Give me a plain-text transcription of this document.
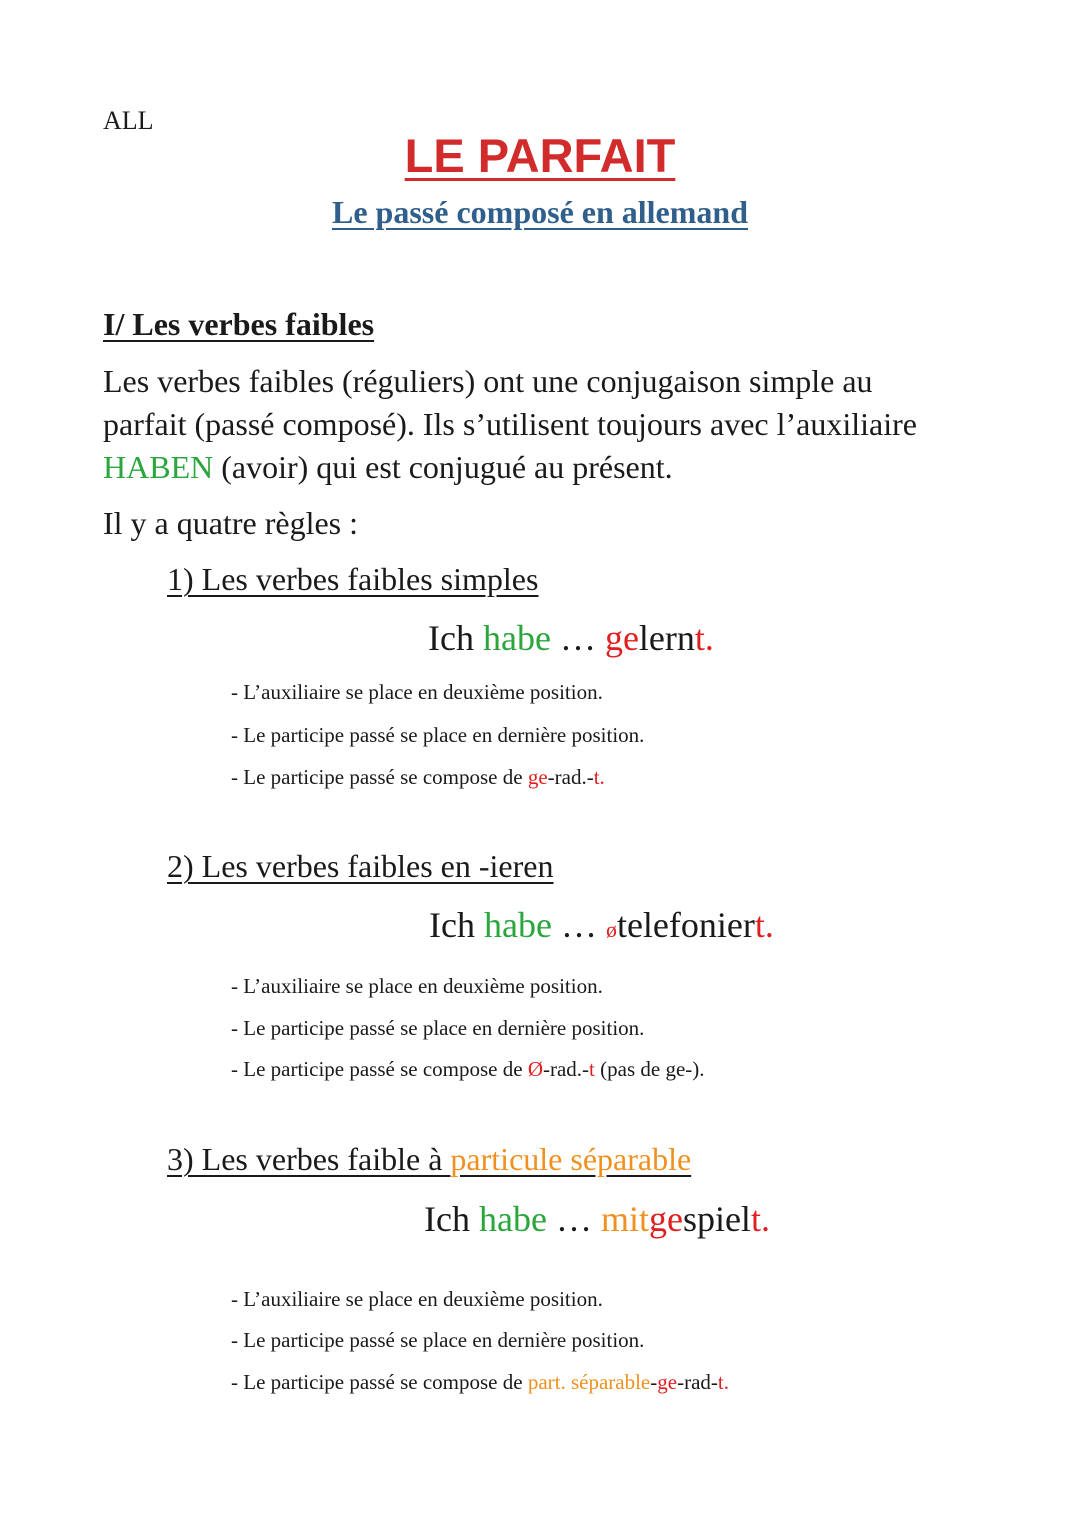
ALL
LE PARFAIT
Le passé composé en allemand
I/ Les verbes faibles
Les verbes faibles (réguliers) ont une conjugaison simple au
parfait (passé composé). Ils s’utilisent toujours avec l’auxiliaire
HABEN (avoir) qui est conjugué au présent.
Il y a quatre règles :
1) Les verbes faibles simples
Ich habe … gelernt.
- L’auxiliaire se place en deuxième position.
- Le participe passé se place en dernière position.
- Le participe passé se compose de ge-rad.-t.
2) Les verbes faibles en -ieren
Ich habe … øtelefoniert.
- L’auxiliaire se place en deuxième position.
- Le participe passé se place en dernière position.
- Le participe passé se compose de Ø-rad.-t (pas de ge-).
3) Les verbes faible à particule séparable
Ich habe … mitgespielt.
- L’auxiliaire se place en deuxième position.
- Le participe passé se place en dernière position.
- Le participe passé se compose de part. séparable-ge-rad-t.
